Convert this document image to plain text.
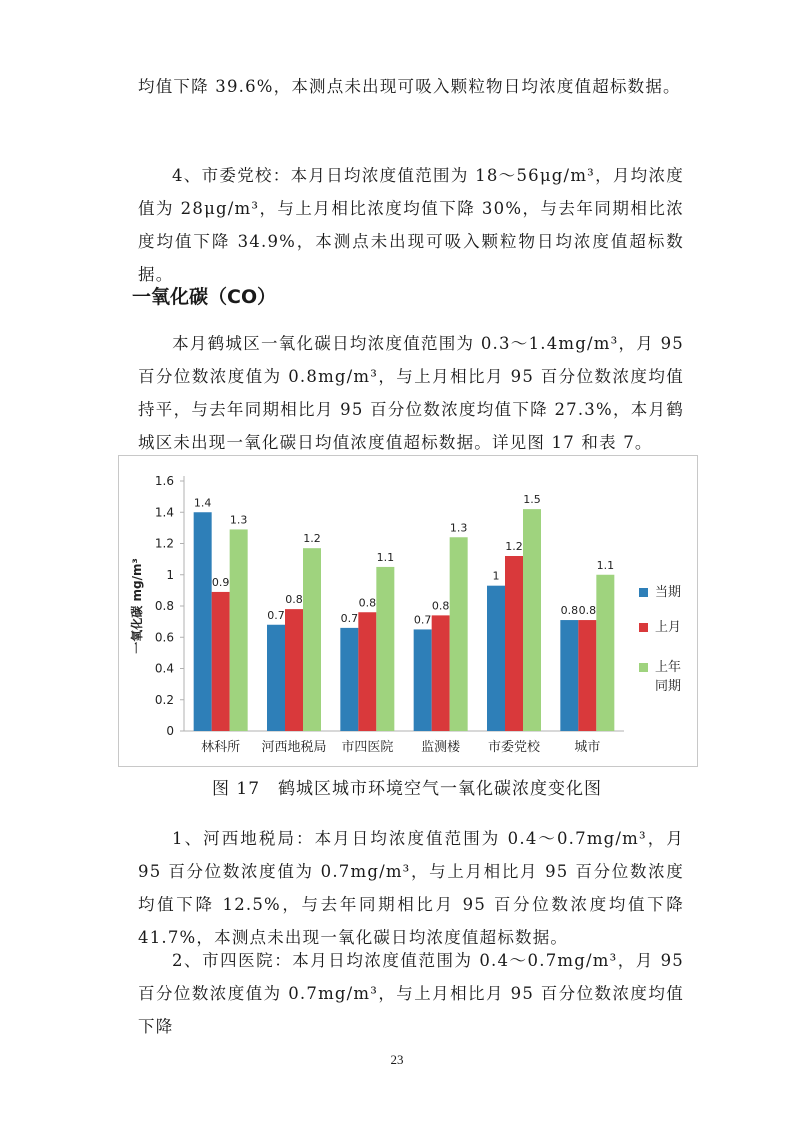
均值下降 39.6%，本测点未出现可吸入颗粒物日均浓度值超标数据。

4、市委党校：本月日均浓度值范围为 18～56μg/m³，月均浓度值为 28μg/m³，与上月相比浓度均值下降 30%，与去年同期相比浓度均值下降 34.9%，本测点未出现可吸入颗粒物日均浓度值超标数据。

一氧化碳（CO）

本月鹤城区一氧化碳日均浓度值范围为 0.3～1.4mg/m³，月 95 百分位数浓度值为 0.8mg/m³，与上月相比月 95 百分位数浓度均值持平，与去年同期相比月 95 百分位数浓度均值下降 27.3%，本月鹤城区未出现一氧化碳日均值浓度值超标数据。详见图 17 和表 7。

0
0.2
0.4
0.6
0.8
1
1.2
1.4
1.6
一氧化碳 mg/m³
1.4
0.9
1.3
林科所
0.7
0.8
1.2
河西地税局
0.7
0.8
1.1
市四医院
0.7
0.8
1.3
监测楼
1
1.2
1.5
市委党校
0.8 0.8
1.1
城市
当期
上月
上年
同期

图 17　鹤城区城市环境空气一氧化碳浓度变化图

1、河西地税局：本月日均浓度值范围为 0.4～0.7mg/m³，月 95 百分位数浓度值为 0.7mg/m³，与上月相比月 95 百分位数浓度均值下降 12.5%，与去年同期相比月 95 百分位数浓度均值下降 41.7%，本测点未出现一氧化碳日均浓度值超标数据。

2、市四医院：本月日均浓度值范围为 0.4～0.7mg/m³，月 95 百分位数浓度值为 0.7mg/m³，与上月相比月 95 百分位数浓度均值下降

23
